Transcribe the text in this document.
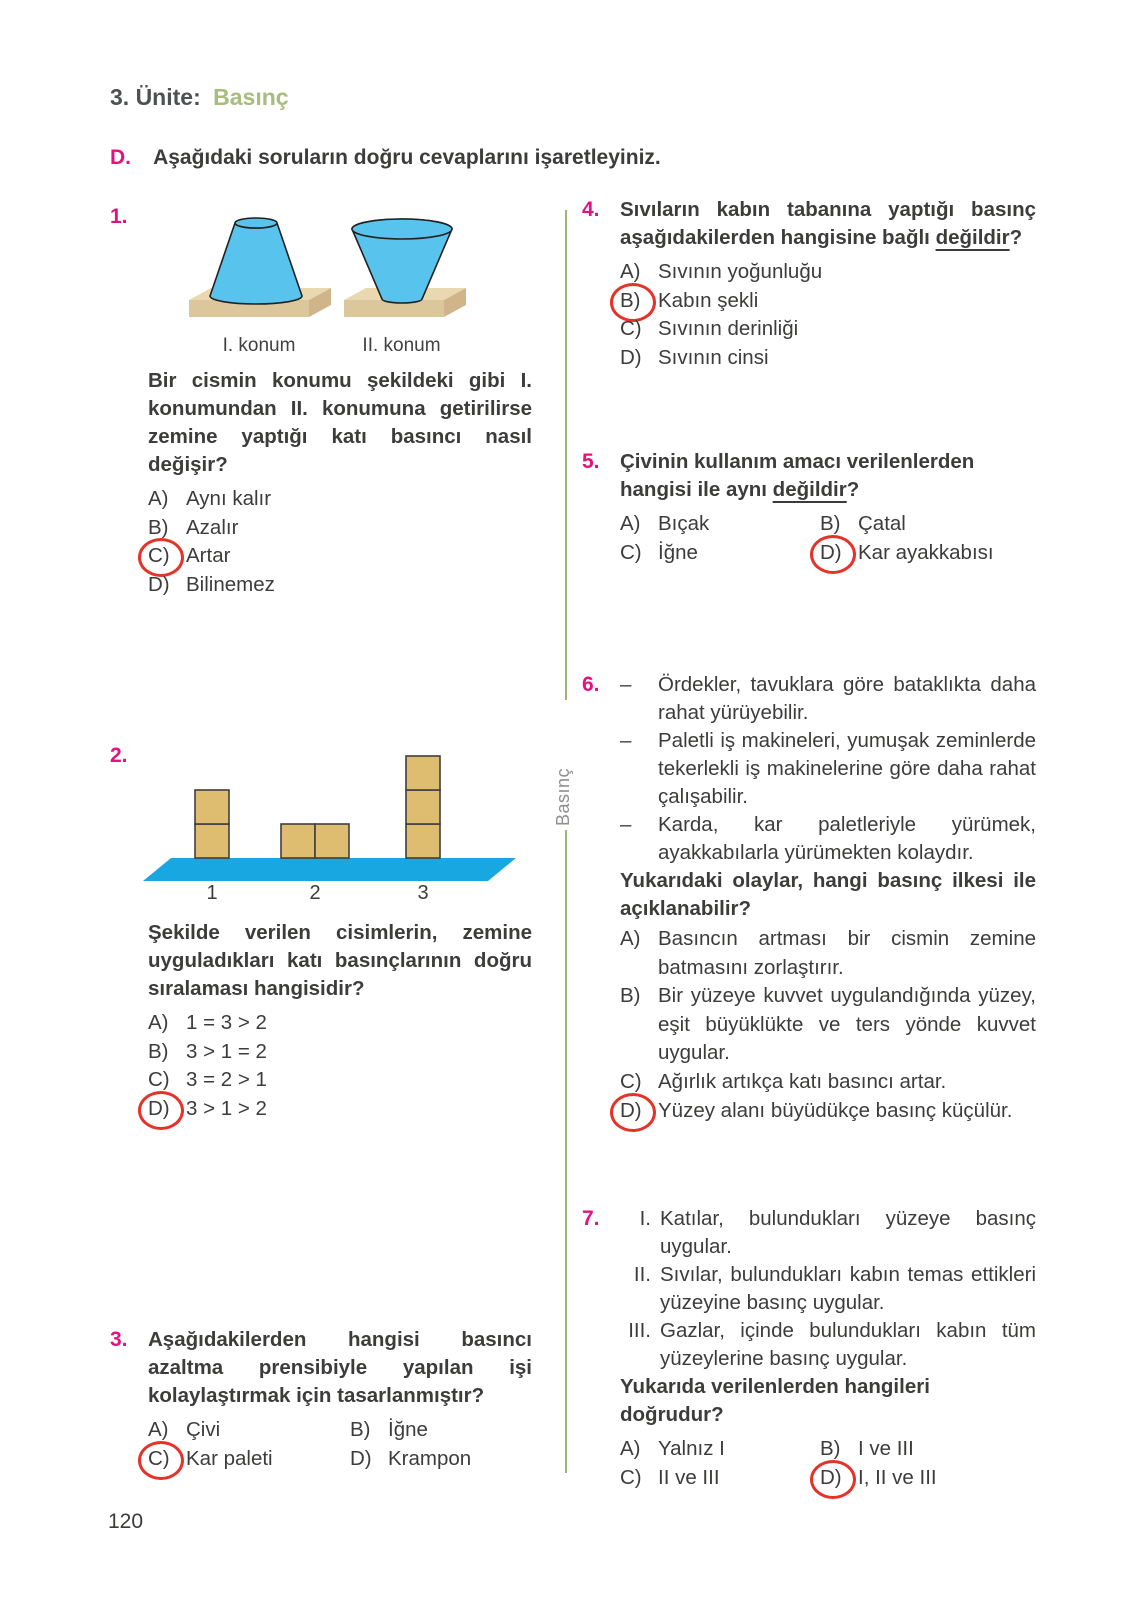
3. Ünite: Basınç
D. Aşağıdaki soruların doğru cevaplarını işaretleyiniz.
Basınç
1.
I. konum	II. konum
Bir cismin konumu şekildeki gibi I. konumundan II. konumuna getirilirse zemine yaptığı katı basıncı nasıl değişir?
A) Aynı kalır
B) Azalır
C) Artar
D) Bilinemez
2.
1	2	3
Şekilde verilen cisimlerin, zemine uyguladıkları katı basınçlarının doğru sıralaması hangisidir?
A) 1 = 3 > 2
B) 3 > 1 = 2
C) 3 = 2 > 1
D) 3 > 1 > 2
3. Aşağıdakilerden hangisi basıncı azaltma prensibiyle yapılan işi kolaylaştırmak için tasarlanmıştır?
A) Çivi	B) İğne
C) Kar paleti	D) Krampon
4. Sıvıların kabın tabanına yaptığı basınç aşağıdakilerden hangisine bağlı değildir?
A) Sıvının yoğunluğu
B) Kabın şekli
C) Sıvının derinliği
D) Sıvının cinsi
5. Çivinin kullanım amacı verilenlerden hangisi ile aynı değildir?
A) Bıçak	B) Çatal
C) İğne	D) Kar ayakkabısı
6. –	Ördekler, tavuklara göre bataklıkta daha rahat yürüyebilir.
–	Paletli iş makineleri, yumuşak zeminlerde tekerlekli iş makinelerine göre daha rahat çalışabilir.
–	Karda, kar paletleriyle yürümek, ayakkabılarla yürümekten kolaydır.
Yukarıdaki olaylar, hangi basınç ilkesi ile açıklanabilir?
A) Basıncın artması bir cismin zemine batmasını zorlaştırır.
B) Bir yüzeye kuvvet uygulandığında yüzey, eşit büyüklükte ve ters yönde kuvvet uygular.
C) Ağırlık artıkça katı basıncı artar.
D) Yüzey alanı büyüdükçe basınç küçülür.
7.	I. Katılar, bulundukları yüzeye basınç uygular.
II. Sıvılar, bulundukları kabın temas ettikleri yüzeyine basınç uygular.
III. Gazlar, içinde bulundukları kabın tüm yüzeylerine basınç uygular.
Yukarıda verilenlerden hangileri doğrudur?
A) Yalnız I	B) I ve III
C) II ve III	D) I, II ve III
120
